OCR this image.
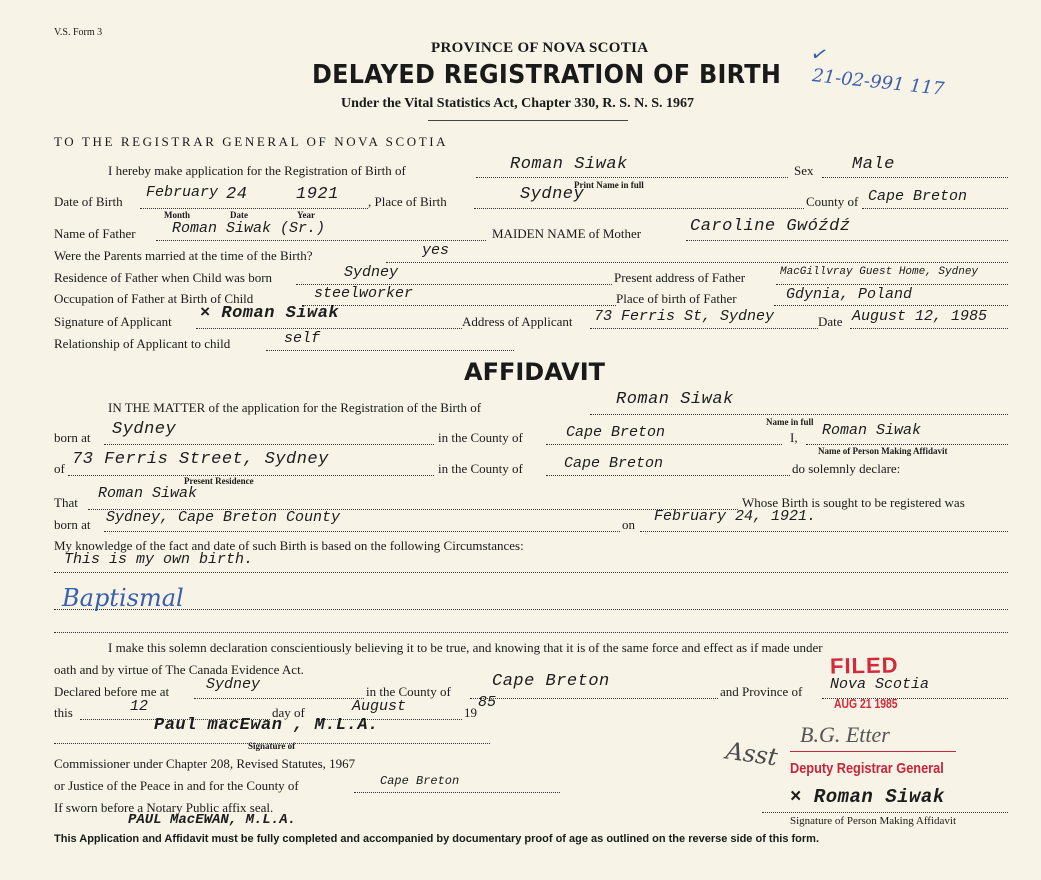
V.S. Form 3
PROVINCE OF NOVA SCOTIA
DELAYED REGISTRATION OF BIRTH
Under the Vital Statistics Act, Chapter 330, R. S. N. S. 1967
21-02-991 117
✓
TO THE REGISTRAR GENERAL OF NOVA SCOTIA
I hereby make application for the Registration of Birth of	Roman Siwak	Sex Male
Print Name in full
Date of Birth
February 24	1921 , Place of Birth	Sydney	County of Cape Breton
Month	Date	Year
Name of Father Roman Siwak (Sr.)	MAIDEN NAME of Mother	Caroline Gwóźdź
Were the Parents married at the time of the Birth?	yes
Residence of Father when Child was born	Sydney	Present address of Father	MacGillvray Guest Home, Sydney
Occupation of Father at Birth of Child	steelworker	Place of birth of Father	Gdynia, Poland
Signature of Applicant × Roman Siwak	Address of Applicant 73 Ferris St, Sydney	Date August 12, 1985
Relationship of Applicant to child	self
AFFIDAVIT
IN THE MATTER of the application for the Registration of the Birth of	Roman Siwak
Name in full
born at Sydney	in the County of	Cape Breton	I, Roman Siwak
Name of Person Making Affidavit
of 73 Ferris Street, Sydney	in the County of	Cape Breton	do solemnly declare:
Present Residence
That
Roman Siwak
Whose Birth is sought to be registered was
born at Sydney, Cape Breton County	on February 24, 1921.
My knowledge of the fact and date of such Birth is based on the following Circumstances:
This is my own birth.
Baptismal
I make this solemn declaration conscientiously believing it to be true, and knowing that it is of the same force and effect as if made under
oath and by virtue of The Canada Evidence Act.
Declared before me at Sydney	in the County of
Cape Breton
and Province of Nova Scotia
this	12	day of	August	19
85
Paul macEwan , M.L.A.
Signature of
Commissioner under Chapter 208, Revised Statutes, 1967
or Justice of the Peace in and for the County of	Cape Breton
If sworn before a Notary Public affix seal.
PAUL MacEWAN, M.L.A.
FILED
AUG 21 1985
B.G. Etter
Asst Deputy Registrar General
× Roman Siwak
Signature of Person Making Affidavit
This Application and Affidavit must be fully completed and accompanied by documentary proof of age as outlined on the reverse side of this form.
